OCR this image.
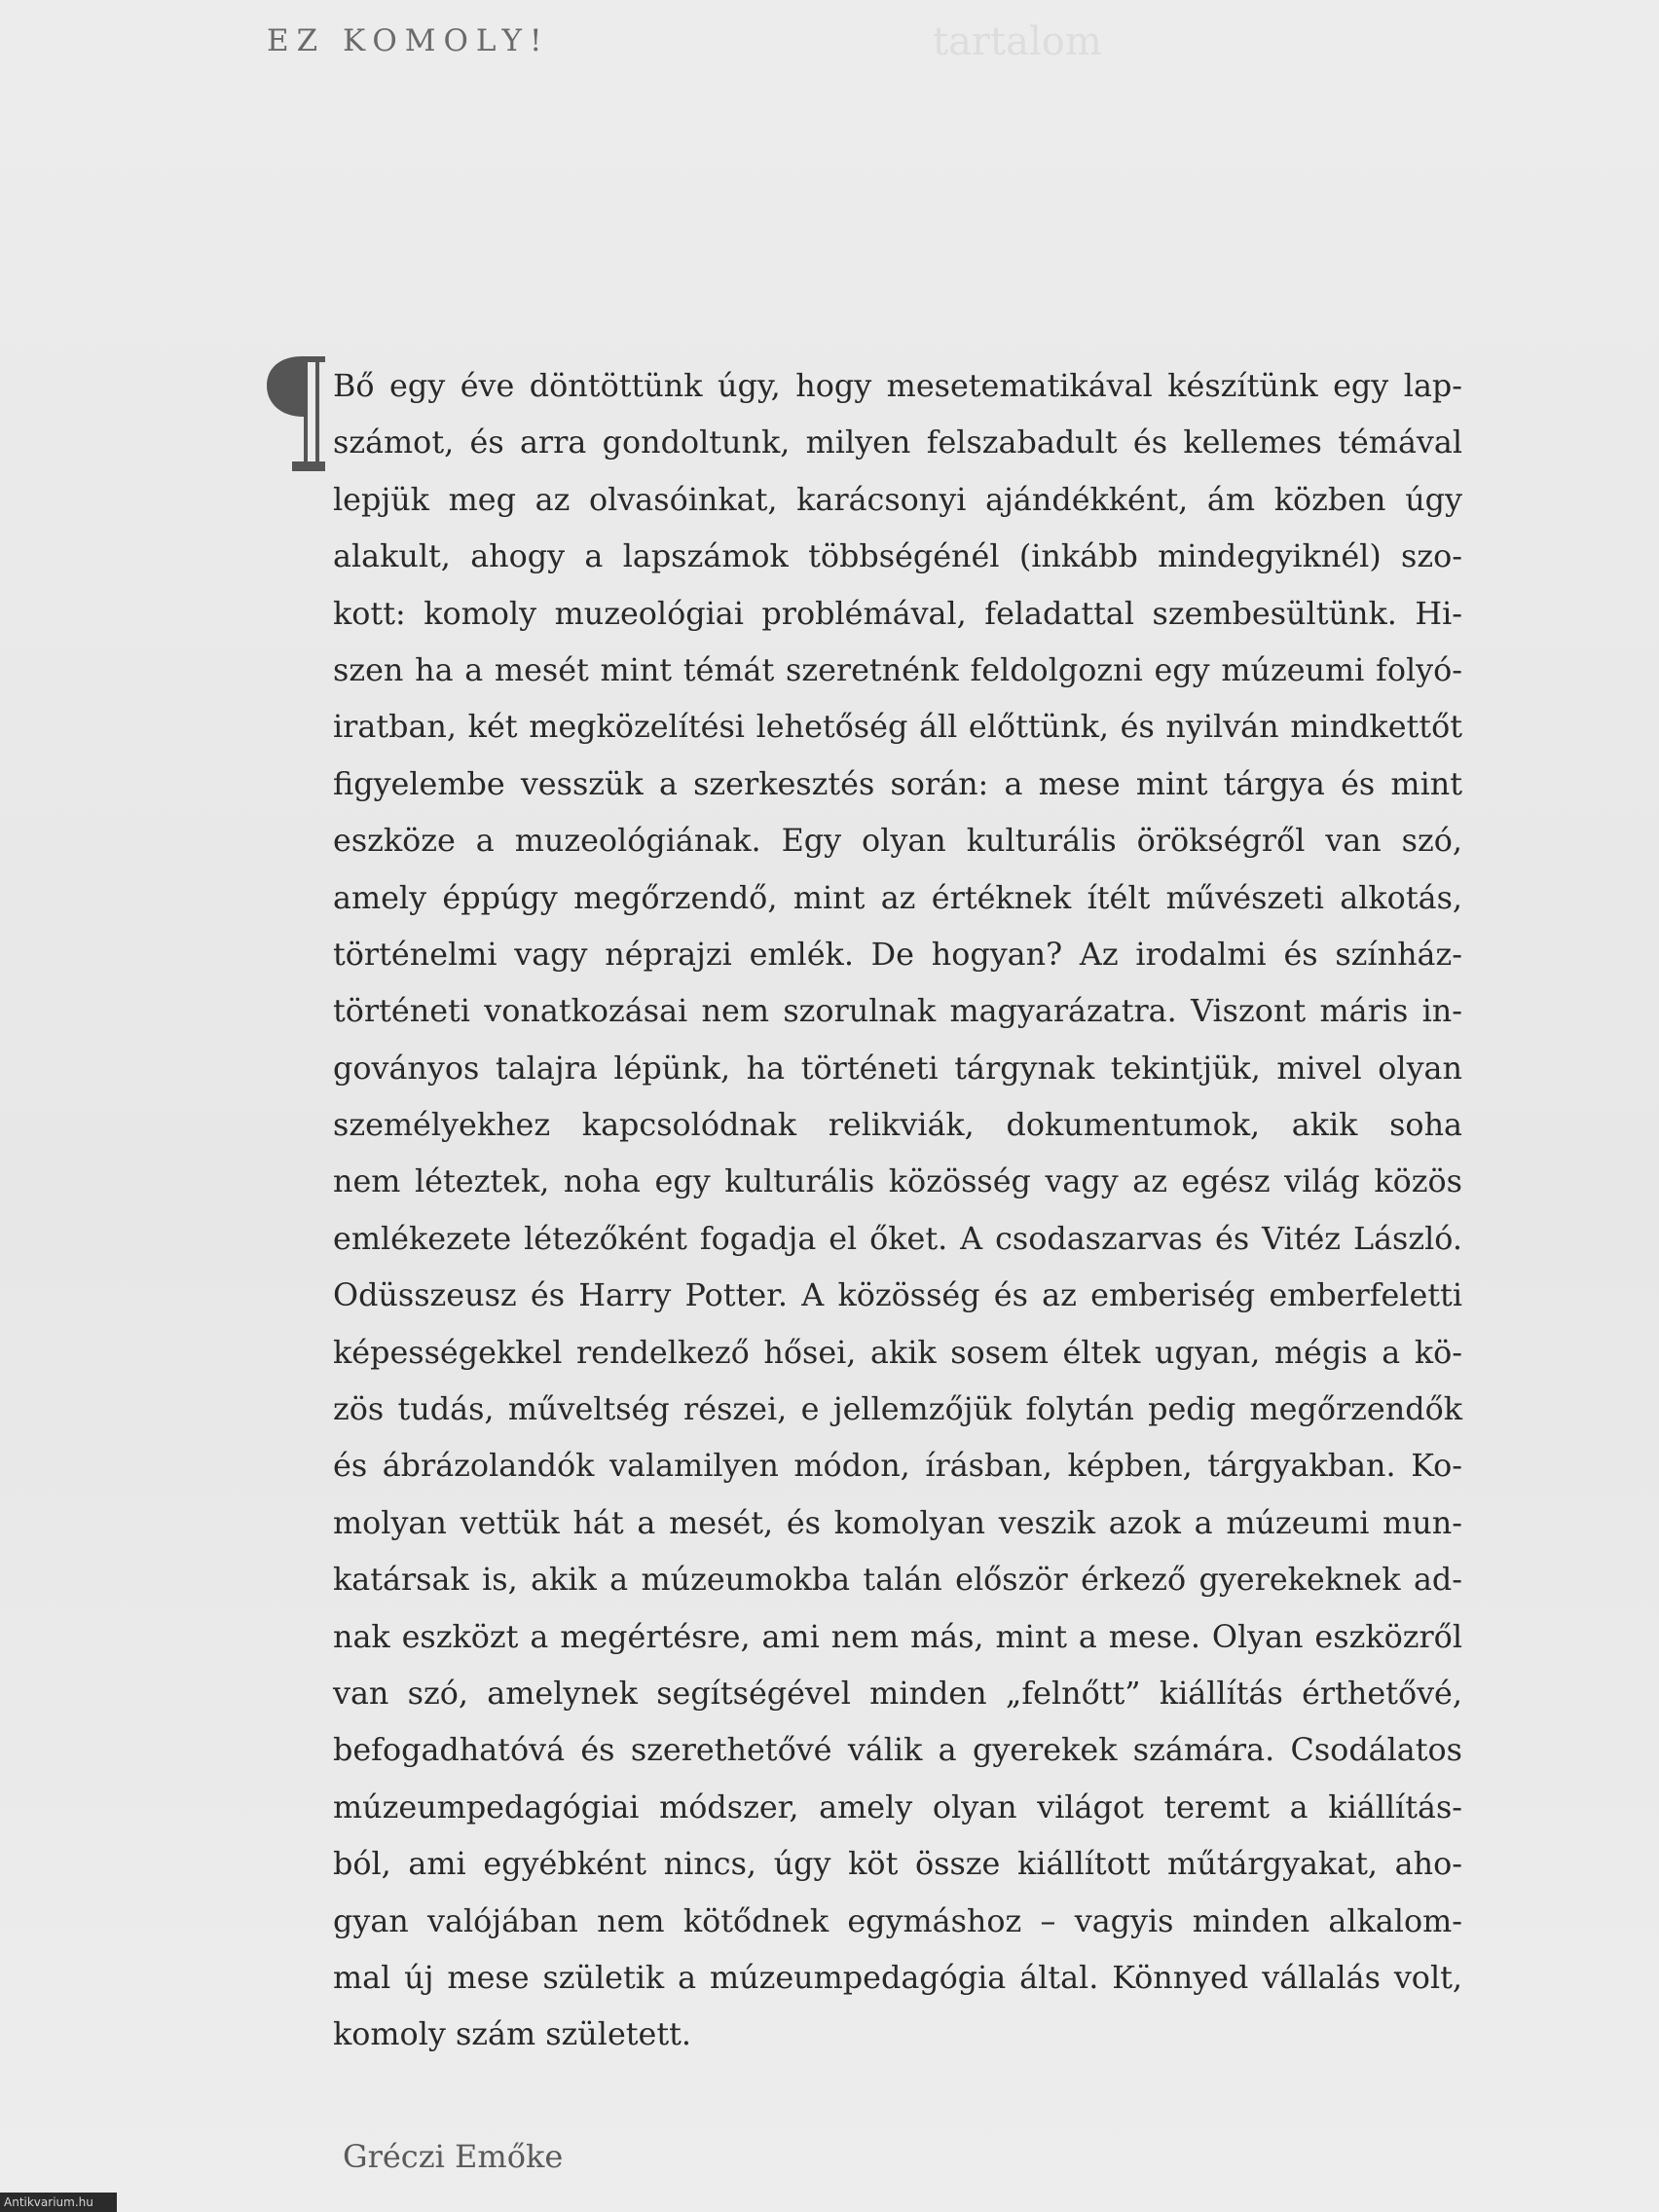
tartalom
EZ KOMOLY!
Bő egy éve döntöttünk úgy, hogy mesetematikával készítünk egy lap-
számot, és arra gondoltunk, milyen felszabadult és kellemes témával
lepjük meg az olvasóinkat, karácsonyi ajándékként, ám közben úgy
alakult, ahogy a lapszámok többségénél (inkább mindegyiknél) szo-
kott: komoly muzeológiai problémával, feladattal szembesültünk. Hi-
szen ha a mesét mint témát szeretnénk feldolgozni egy múzeumi folyó-
iratban, két megközelítési lehetőség áll előttünk, és nyilván mindkettőt
figyelembe vesszük a szerkesztés során: a mese mint tárgya és mint
eszköze a muzeológiának. Egy olyan kulturális örökségről van szó,
amely éppúgy megőrzendő, mint az értéknek ítélt művészeti alkotás,
történelmi vagy néprajzi emlék. De hogyan? Az irodalmi és színház-
történeti vonatkozásai nem szorulnak magyarázatra. Viszont máris in-
goványos talajra lépünk, ha történeti tárgynak tekintjük, mivel olyan
személyekhez kapcsolódnak relikviák, dokumentumok, akik soha
nem léteztek, noha egy kulturális közösség vagy az egész világ közös
emlékezete létezőként fogadja el őket. A csodaszarvas és Vitéz László.
Odüsszeusz és Harry Potter. A közösség és az emberiség emberfeletti
képességekkel rendelkező hősei, akik sosem éltek ugyan, mégis a kö-
zös tudás, műveltség részei, e jellemzőjük folytán pedig megőrzendők
és ábrázolandók valamilyen módon, írásban, képben, tárgyakban. Ko-
molyan vettük hát a mesét, és komolyan veszik azok a múzeumi mun-
katársak is, akik a múzeumokba talán először érkező gyerekeknek ad-
nak eszközt a megértésre, ami nem más, mint a mese. Olyan eszközről
van szó, amelynek segítségével minden „felnőtt” kiállítás érthetővé,
befogadhatóvá és szerethetővé válik a gyerekek számára. Csodálatos
múzeumpedagógiai módszer, amely olyan világot teremt a kiállítás-
ból, ami egyébként nincs, úgy köt össze kiállított műtárgyakat, aho-
gyan valójában nem kötődnek egymáshoz – vagyis minden alkalom-
mal új mese születik a múzeumpedagógia által. Könnyed vállalás volt,
komoly szám született.
Gréczi Emőke
Antikvarium.hu
